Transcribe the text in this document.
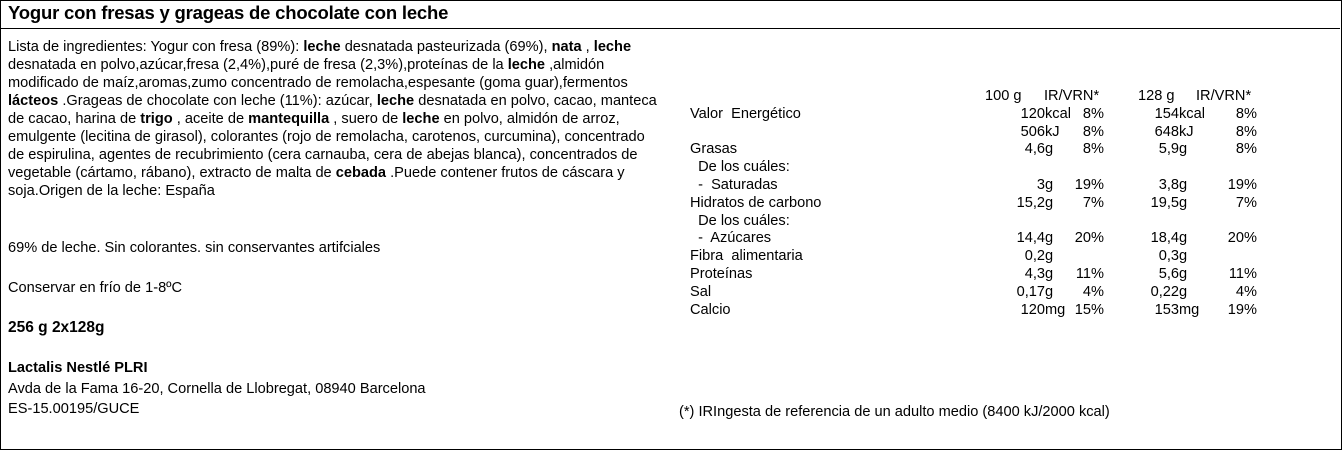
Yogur con fresas y grageas de chocolate con leche
Lista de ingredientes: Yogur con fresa (89%): leche desnatada pasteurizada (69%), nata , leche desnatada en polvo,azúcar,fresa (2,4%),puré de fresa (2,3%),proteínas de la leche ,almidón modificado de maíz,aromas,zumo concentrado de remolacha,espesante (goma guar),fermentos lácteos .Grageas de chocolate con leche (11%): azúcar, leche desnatada en polvo, cacao, manteca de cacao, harina de trigo , aceite de mantequilla , suero de leche en polvo, almidón de arroz, emulgente (lecitina de girasol), colorantes (rojo de remolacha, carotenos, curcumina), concentrado de espirulina, agentes de recubrimiento (cera carnauba, cera de abejas blanca), concentrados de vegetable (cártamo, rábano), extracto de malta de cebada .Puede contener frutos de cáscara y soja.Origen de la leche: España
69% de leche. Sin colorantes. sin conservantes artifciales
Conservar en frío de 1-8ºC
256 g 2x128g
Lactalis Nestlé PLRI
Avda de la Fama 16-20, Cornella de Llobregat, 08940 Barcelona
ES-15.00195/GUCE
100 g IR/VRN*	128 g IR/VRN*
Valor  Energético	120 kcal 8%	154 kcal 8%
506 kJ 8%	648 kJ	8%
Grasas	4,6 g 8%	5,9 g	8%
De los cuáles:
-  Saturadas	3 g 19%	3,8 g	19%
Hidratos de carbono	15,2 g 7%	19,5 g	7%
De los cuáles:
-  Azúcares	14,4 g 20%	18,4 g	20%
Fibra  alimentaria	0,2 g	0,3 g
Proteínas	4,3 g 11%	5,6 g	11%
Sal	0,17 g 4%	0,22 g	4%
Calcio	120 mg 15%	153 mg 19%
(*) IRIngesta de referencia de un adulto medio (8400 kJ/2000 kcal)
